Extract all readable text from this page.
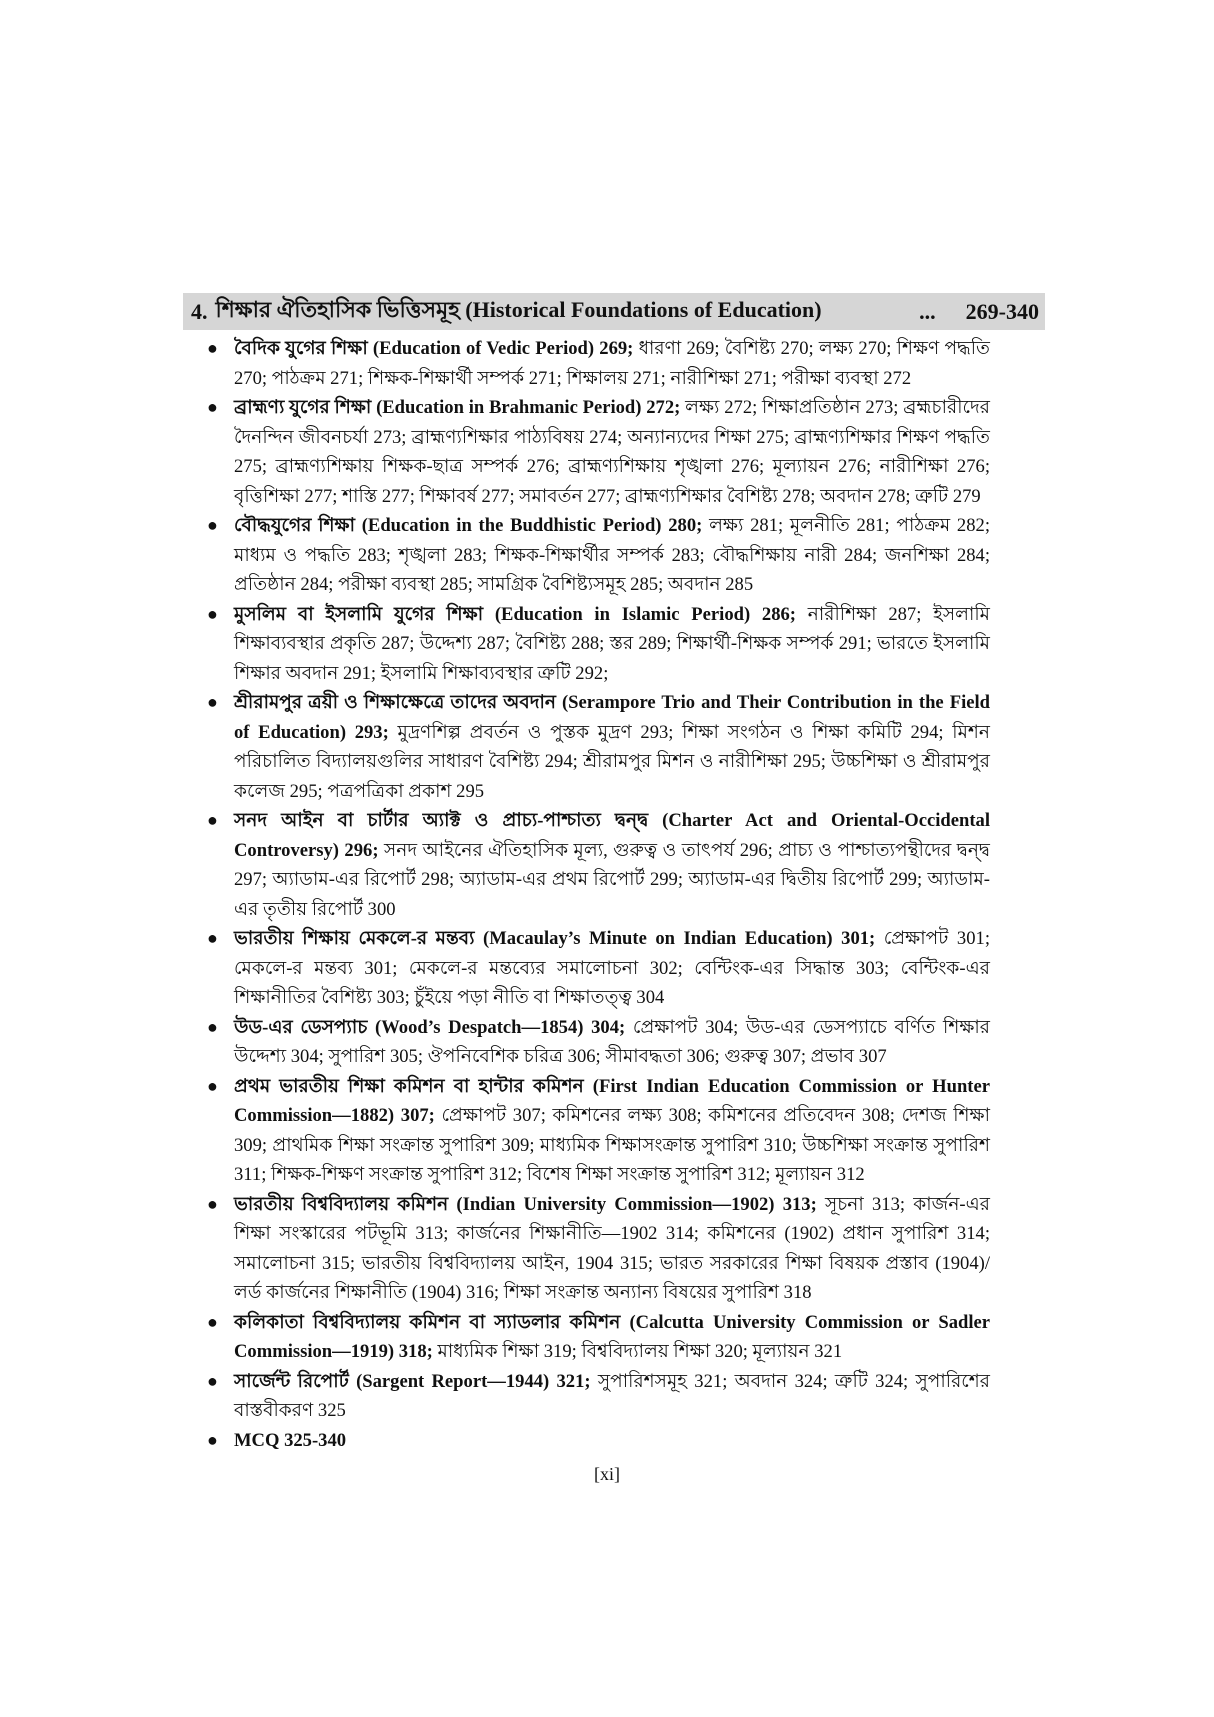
4. শিক্ষার ঐতিহাসিক ভিত্তিসমূহ (Historical Foundations of Education)	... 269-340
● বৈদিক যুগের শিক্ষা (Education of Vedic Period) 269; ধারণা 269; বৈশিষ্ট্য 270; লক্ষ্য 270; শিক্ষণ পদ্ধতি 270; পাঠক্রম 271; শিক্ষক-শিক্ষার্থী সম্পর্ক 271; শিক্ষালয় 271; নারীশিক্ষা 271; পরীক্ষা ব্যবস্থা 272
● ব্রাহ্মণ্য যুগের শিক্ষা (Education in Brahmanic Period) 272; লক্ষ্য 272; শিক্ষাপ্রতিষ্ঠান 273; ব্রহ্মচারীদের দৈনন্দিন জীবনচর্যা 273; ব্রাহ্মণ্যশিক্ষার পাঠ্যবিষয় 274; অন্যান্যদের শিক্ষা 275; ব্রাহ্মণ্যশিক্ষার শিক্ষণ পদ্ধতি 275; ব্রাহ্মণ্যশিক্ষায় শিক্ষক-ছাত্র সম্পর্ক 276; ব্রাহ্মণ্যশিক্ষায় শৃঙ্খলা 276; মূল্যায়ন 276; নারীশিক্ষা 276; বৃত্তিশিক্ষা 277; শাস্তি 277; শিক্ষাবর্ষ 277; সমাবর্তন 277; ব্রাহ্মণ্যশিক্ষার বৈশিষ্ট্য 278; অবদান 278; ত্রুটি 279
● বৌদ্ধযুগের শিক্ষা (Education in the Buddhistic Period) 280; লক্ষ্য 281; মূলনীতি 281; পাঠক্রম 282; মাধ্যম ও পদ্ধতি 283; শৃঙ্খলা 283; শিক্ষক-শিক্ষার্থীর সম্পর্ক 283; বৌদ্ধশিক্ষায় নারী 284; জনশিক্ষা 284; প্রতিষ্ঠান 284; পরীক্ষা ব্যবস্থা 285; সামগ্রিক বৈশিষ্ট্যসমূহ 285; অবদান 285
● মুসলিম বা ইসলামি যুগের শিক্ষা (Education in Islamic Period) 286; নারীশিক্ষা 287; ইসলামি শিক্ষাব্যবস্থার প্রকৃতি 287; উদ্দেশ্য 287; বৈশিষ্ট্য 288; স্তর 289; শিক্ষার্থী-শিক্ষক সম্পর্ক 291; ভারতে ইসলামি শিক্ষার অবদান 291; ইসলামি শিক্ষাব্যবস্থার ত্রুটি 292;
● শ্রীরামপুর ত্রয়ী ও শিক্ষাক্ষেত্রে তাদের অবদান (Serampore Trio and Their Contribution in the Field of Education) 293; মুদ্রণশিল্প প্রবর্তন ও পুস্তক মুদ্রণ 293; শিক্ষা সংগঠন ও শিক্ষা কমিটি 294; মিশন পরিচালিত বিদ্যালয়গুলির সাধারণ বৈশিষ্ট্য 294; শ্রীরামপুর মিশন ও নারীশিক্ষা 295; উচ্চশিক্ষা ও শ্রীরামপুর কলেজ 295; পত্রপত্রিকা প্রকাশ 295
● সনদ আইন বা চার্টার অ্যাক্ট ও প্রাচ্য-পাশ্চাত্য দ্বন্দ্ব (Charter Act and Oriental-Occidental Controversy) 296; সনদ আইনের ঐতিহাসিক মূল্য, গুরুত্ব ও তাৎপর্য 296; প্রাচ্য ও পাশ্চাত্যপন্থীদের দ্বন্দ্ব 297; অ্যাডাম-এর রিপোর্ট 298; অ্যাডাম-এর প্রথম রিপোর্ট 299; অ্যাডাম-এর দ্বিতীয় রিপোর্ট 299; অ্যাডাম-এর তৃতীয় রিপোর্ট 300
● ভারতীয় শিক্ষায় মেকলে-র মন্তব্য (Macaulay’s Minute on Indian Education) 301; প্রেক্ষাপট 301; মেকলে-র মন্তব্য 301; মেকলে-র মন্তব্যের সমালোচনা 302; বেন্টিংক-এর সিদ্ধান্ত 303; বেন্টিংক-এর শিক্ষানীতির বৈশিষ্ট্য 303; চুঁইয়ে পড়া নীতি বা শিক্ষাতত্ত্ব 304
● উড-এর ডেসপ্যাচ (Wood’s Despatch—1854) 304; প্রেক্ষাপট 304; উড-এর ডেসপ্যাচে বর্ণিত শিক্ষার উদ্দেশ্য 304; সুপারিশ 305; ঔপনিবেশিক চরিত্র 306; সীমাবদ্ধতা 306; গুরুত্ব 307; প্রভাব 307
● প্রথম ভারতীয় শিক্ষা কমিশন বা হান্টার কমিশন (First Indian Education Commission or Hunter Commission—1882) 307; প্রেক্ষাপট 307; কমিশনের লক্ষ্য 308; কমিশনের প্রতিবেদন 308; দেশজ শিক্ষা 309; প্রাথমিক শিক্ষা সংক্রান্ত সুপারিশ 309; মাধ্যমিক শিক্ষাসংক্রান্ত সুপারিশ 310; উচ্চশিক্ষা সংক্রান্ত সুপারিশ 311; শিক্ষক-শিক্ষণ সংক্রান্ত সুপারিশ 312; বিশেষ শিক্ষা সংক্রান্ত সুপারিশ 312; মূল্যায়ন 312
● ভারতীয় বিশ্ববিদ্যালয় কমিশন (Indian University Commission—1902) 313; সূচনা 313; কার্জন-এর শিক্ষা সংস্কারের পটভূমি 313; কার্জনের শিক্ষানীতি—1902 314; কমিশনের (1902) প্রধান সুপারিশ 314; সমালোচনা 315; ভারতীয় বিশ্ববিদ্যালয় আইন, 1904 315; ভারত সরকারের শিক্ষা বিষয়ক প্রস্তাব (1904)/লর্ড কার্জনের শিক্ষানীতি (1904) 316; শিক্ষা সংক্রান্ত অন্যান্য বিষয়ের সুপারিশ 318
● কলিকাতা বিশ্ববিদ্যালয় কমিশন বা স্যাডলার কমিশন (Calcutta University Commission or Sadler Commission—1919) 318; মাধ্যমিক শিক্ষা 319; বিশ্ববিদ্যালয় শিক্ষা 320; মূল্যায়ন 321
● সার্জেন্ট রিপোর্ট (Sargent Report—1944) 321; সুপারিশসমূহ 321; অবদান 324; ত্রুটি 324; সুপারিশের বাস্তবীকরণ 325
● MCQ 325-340
[xi]
